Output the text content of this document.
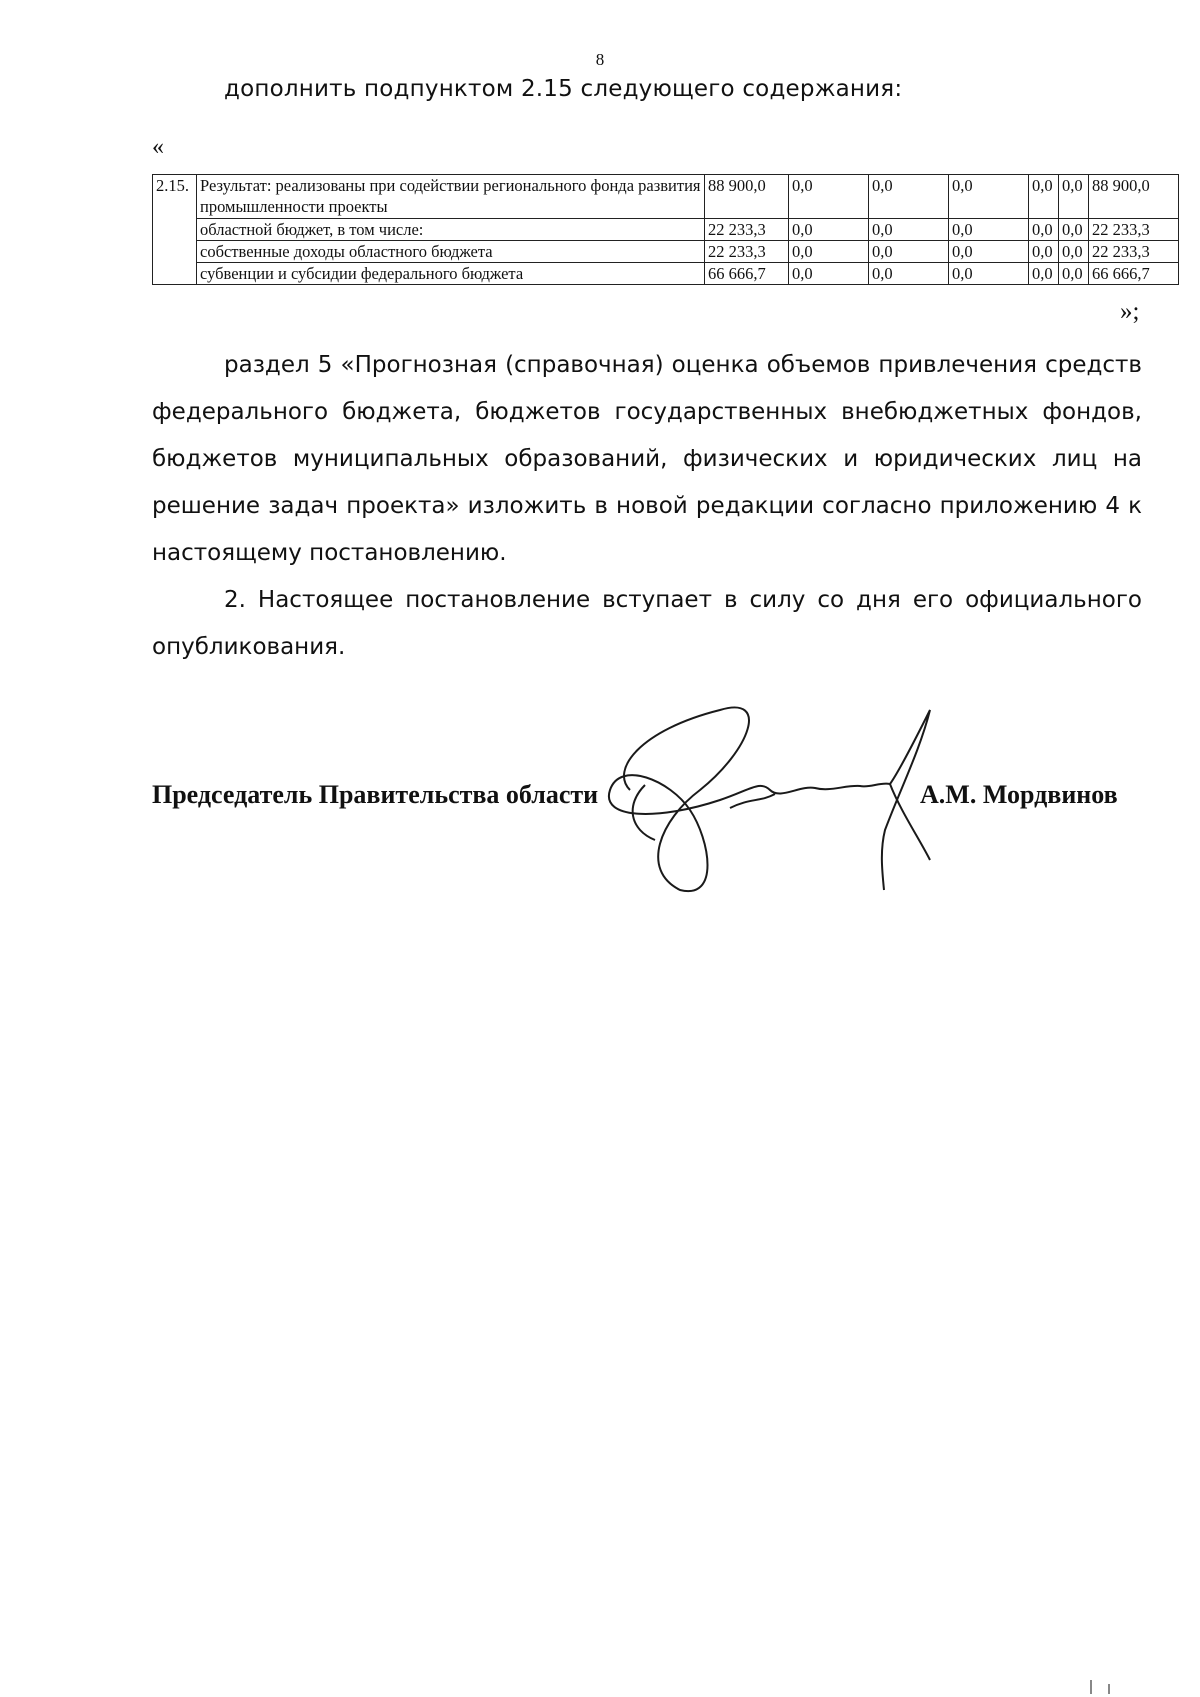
8
дополнить подпунктом 2.15 следующего содержания:
«
2.15.	Результат: реализованы при содействии регионального фонда развития промышленности проекты	88 900,0	0,0	0,0	0,0	0,0	0,0	88 900,0
	областной бюджет, в том числе:	22 233,3	0,0	0,0	0,0	0,0	0,0	22 233,3
	собственные доходы областного бюджета	22 233,3	0,0	0,0	0,0	0,0	0,0	22 233,3
	субвенции и субсидии федерального бюджета	66 666,7	0,0	0,0	0,0	0,0	0,0	66 666,7
»;

раздел 5 «Прогнозная (справочная) оценка объемов привлечения средств федерального бюджета, бюджетов государственных внебюджетных фондов, бюджетов муниципальных образований, физических и юридических лиц на решение задач проекта» изложить в новой редакции согласно приложению 4 к настоящему постановлению.

2. Настоящее постановление вступает в силу со дня его официального опубликования.

Председатель Правительства области	А.М. Мордвинов
